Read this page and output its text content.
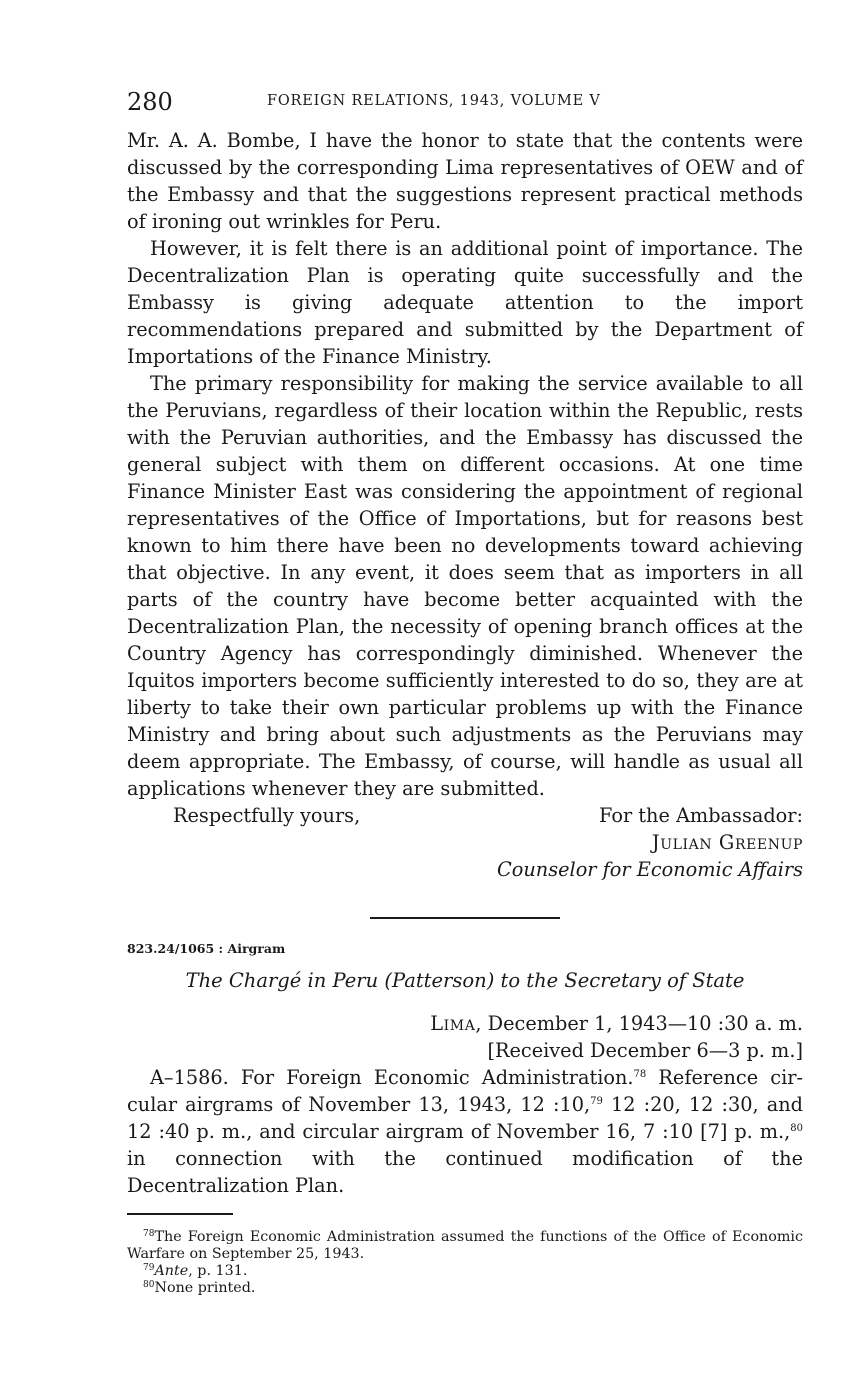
280	FOREIGN RELATIONS, 1943, VOLUME V

Mr. A. A. Bombe, I have the honor to state that the contents were discussed by the corresponding Lima representatives of OEW and of the Embassy and that the suggestions represent practical methods of ironing out wrinkles for Peru.

However, it is felt there is an additional point of importance. The Decentralization Plan is operating quite successfully and the Embassy is giving adequate attention to the import recommendations prepared and submitted by the Department of Importations of the Finance Ministry.

The primary responsibility for making the service available to all the Peruvians, regardless of their location within the Republic, rests with the Peruvian authorities, and the Embassy has discussed the general subject with them on different occasions. At one time Finance Minister East was considering the appointment of regional representatives of the Office of Importations, but for reasons best known to him there have been no developments toward achieving that objective. In any event, it does seem that as importers in all parts of the country have become better acquainted with the Decentralization Plan, the necessity of opening branch offices at the Country Agency has correspondingly diminished. Whenever the Iquitos importers become sufficiently interested to do so, they are at liberty to take their own particular problems up with the Finance Ministry and bring about such adjustments as the Peruvians may deem appropriate. The Embassy, of course, will handle as usual all applications whenever they are submitted.

Respectfully yours,	For the Ambassador:
Julian Greenup
Counselor for Economic Affairs
823.24/1065 : Airgram
The Chargé in Peru (Patterson) to the Secretary of State
Lima, December 1, 1943—10 :30 a. m.
[Received December 6—3 p. m.]

A–1586. For Foreign Economic Administration.$^{78}$ Reference circular airgrams of November 13, 1943, 12 :10,79 12 :20, 12 :30, and 12 :40 p. m., and circular airgram of November 16, 7 :10 [7] p. m.,$^{80}$ in connection with the continued modification of the Decentralization Plan.

$^{78}$The Foreign Economic Administration assumed the functions of the Office of Economic Warfare on September 25, 1943.

$^{79}$Ante, p. 131.

$^{80}$None printed.
